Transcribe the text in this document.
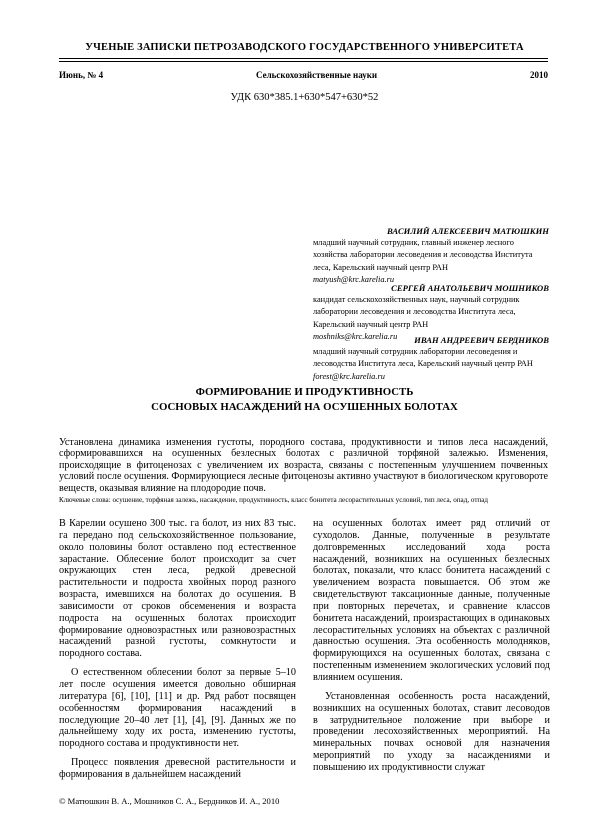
УЧЕНЫЕ ЗАПИСКИ ПЕТРОЗАВОДСКОГО ГОСУДАРСТВЕННОГО УНИВЕРСИТЕТА
Июнь, № 4	Сельскохозяйственные науки	2010
УДК 630*385.1+630*547+630*52
ВАСИЛИЙ АЛЕКСЕЕВИЧ МАТЮШКИН
младший научный сотрудник, главный инженер лесного хозяйства лаборатории лесоведения и лесоводства Института леса, Карельский научный центр РАН
matyush@krc.karelia.ru
СЕРГЕЙ АНАТОЛЬЕВИЧ МОШНИКОВ
кандидат сельскохозяйственных наук, научный сотрудник лаборатории лесоведения и лесоводства Института леса, Карельский научный центр РАН
moshniks@krc.karelia.ru	ИВАН АНДРЕЕВИЧ БЕРДНИКОВ
младший научный сотрудник лаборатории лесоведения и лесоводства Института леса, Карельский научный центр РАН
forest@krc.karelia.ru
ФОРМИРОВАНИЕ И ПРОДУКТИВНОСТЬ
СОСНОВЫХ НАСАЖДЕНИЙ НА ОСУШЕННЫХ БОЛОТАХ
Установлена динамика изменения густоты, породного состава, продуктивности и типов леса насаждений, сформировавшихся на осушенных безлесных болотах с различной торфяной залежью. Изменения, происходящие в фитоценозах с увеличением их возраста, связаны с постепенным улучшением почвенных условий после осушения. Формирующиеся лесные фитоценозы активно участвуют в биологическом круговороте веществ, оказывая влияние на плодородие почв.
Ключевые слова: осушение, торфяная залежь, насаждение, продуктивность, класс бонитета лесорастительных условий, тип леса, опад, отпад

В Карелии осушено 300 тыс. га болот, из них 83 тыс. га передано под сельскохозяйственное пользование, около половины болот оставлено под естественное зарастание. Облесение болот происходит за счет окружающих стен леса, редкой древесной растительности и подроста хвойных пород разного возраста, имевшихся на болотах до осушения. В зависимости от сроков обсеменения и возраста подроста на осушенных болотах происходит формирование одновозрастных или разновозрастных насаждений разной густоты, сомкнутости и породного состава.

О естественном облесении болот за первые 5–10 лет после осушения имеется довольно обширная литература [6], [10], [11] и др. Ряд работ посвящен особенностям формирования насаждений в последующие 20–40 лет [1], [4], [9]. Данных же по дальнейшему ходу их роста, изменению густоты, породного состава и продуктивности нет.

Процесс появления древесной растительности и формирования в дальнейшем насаждений

на осушенных болотах имеет ряд отличий от суходолов. Данные, полученные в результате долговременных исследований хода роста насаждений, возникших на осушенных безлесных болотах, показали, что класс бонитета насаждений с увеличением возраста повышается. Об этом же свидетельствуют таксационные данные, полученные при повторных перечетах, и сравнение классов бонитета насаждений, произрастающих в одинаковых лесорастительных условиях на объектах с различной давностью осушения. Эта особенность молодняков, формирующихся на осушенных болотах, связана с постепенным изменением экологических условий под влиянием осушения.

Установленная особенность роста насаждений, возникших на осушенных болотах, ставит лесоводов в затруднительное положение при выборе и проведении лесохозяйственных мероприятий. На минеральных почвах основой для назначения мероприятий по уходу за насаждениями и повышению их продуктивности служат

© Матюшкин В. А., Мошников С. А., Бердников И. А., 2010
